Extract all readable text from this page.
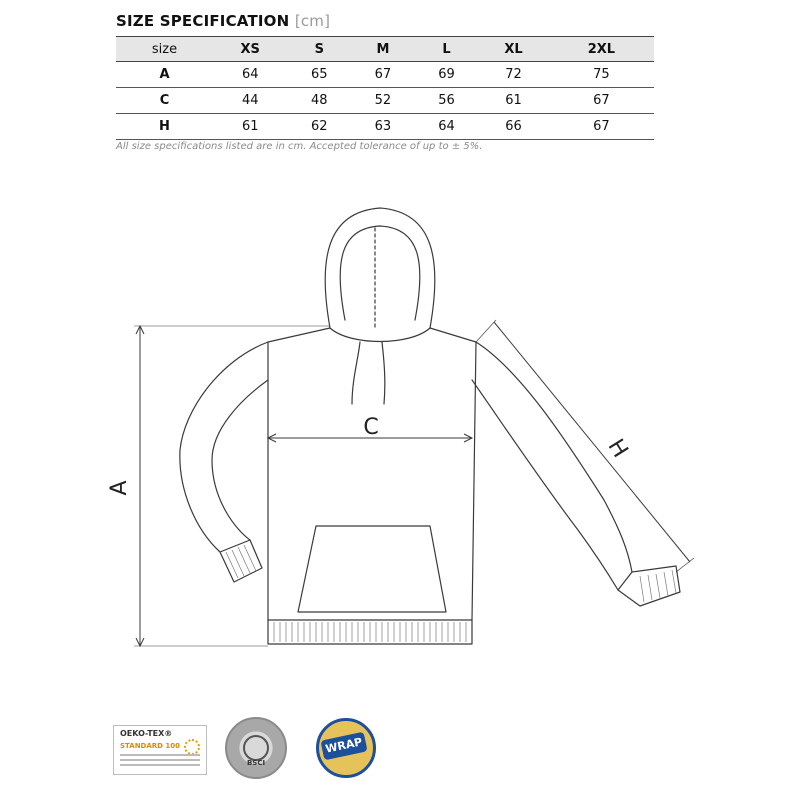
SIZE SPECIFICATION [cm]
size	XS	S	M	L	XL	2XL
A	64	65	67	69	72	75
C	44	48	52	56	61	67
H	61	62	63	64	66	67
All size specifications listed are in cm. Accepted tolerance of up to ± 5%.
A
C
H
OEKO-TEX®
STANDARD 100
BSCI
WRAP
